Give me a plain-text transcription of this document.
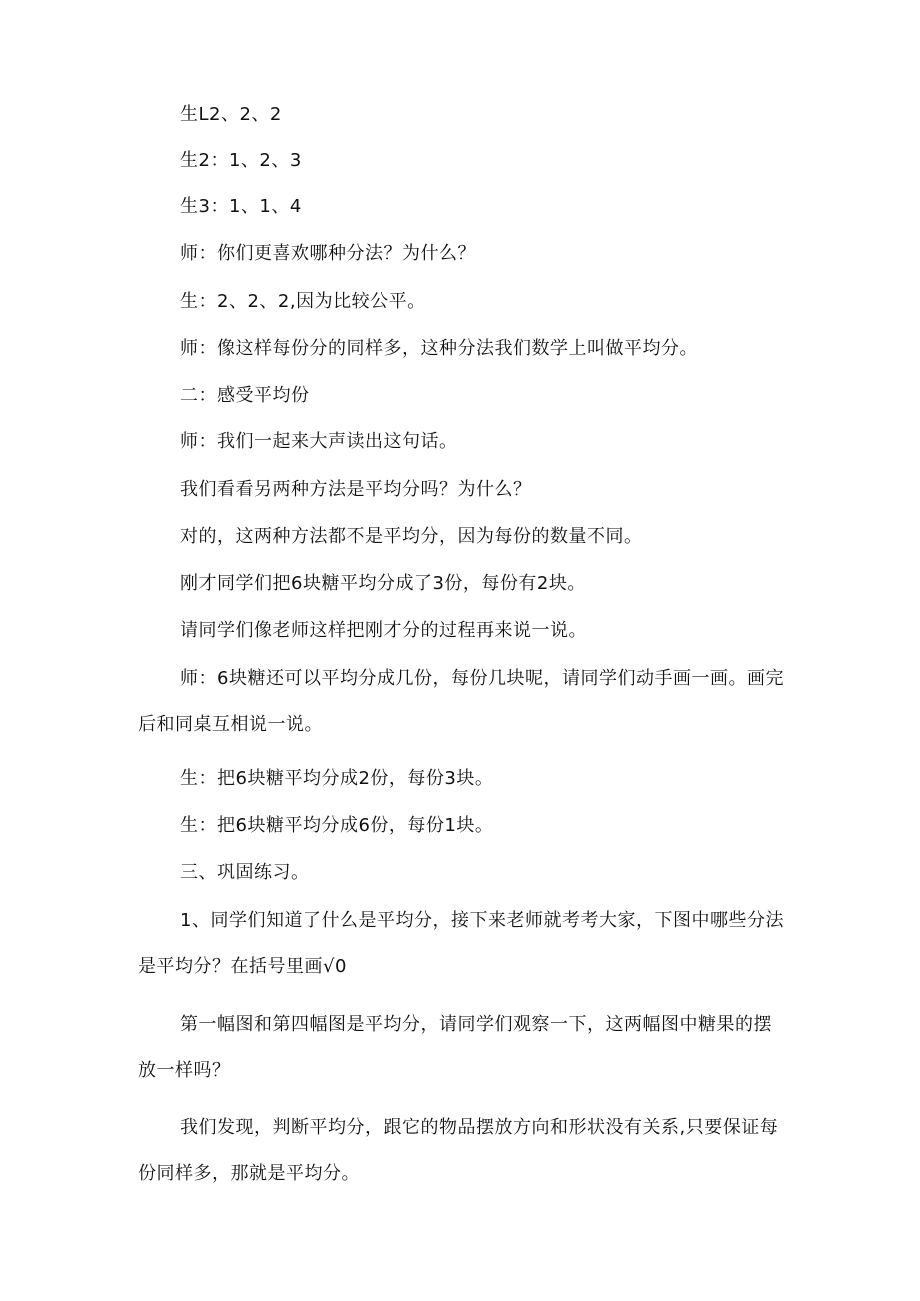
生L2、2、2

生2：1、2、3

生3：1、1、4

师：你们更喜欢哪种分法？为什么？

生：2、2、2,因为比较公平。

师：像这样每份分的同样多，这种分法我们数学上叫做平均分。

二：感受平均份

师：我们一起来大声读出这句话。

我们看看另两种方法是平均分吗？为什么？

对的，这两种方法都不是平均分，因为每份的数量不同。

刚才同学们把6块糖平均分成了3份，每份有2块。

请同学们像老师这样把刚才分的过程再来说一说。

师：6块糖还可以平均分成几份，每份几块呢，请同学们动手画一画。画完后和同桌互相说一说。

生：把6块糖平均分成2份，每份3块。

生：把6块糖平均分成6份，每份1块。

三、巩固练习。

1、同学们知道了什么是平均分，接下来老师就考考大家，下图中哪些分法是平均分？在括号里画√0

第一幅图和第四幅图是平均分，请同学们观察一下，这两幅图中糖果的摆放一样吗？

我们发现，判断平均分，跟它的物品摆放方向和形状没有关系,只要保证每份同样多，那就是平均分。
